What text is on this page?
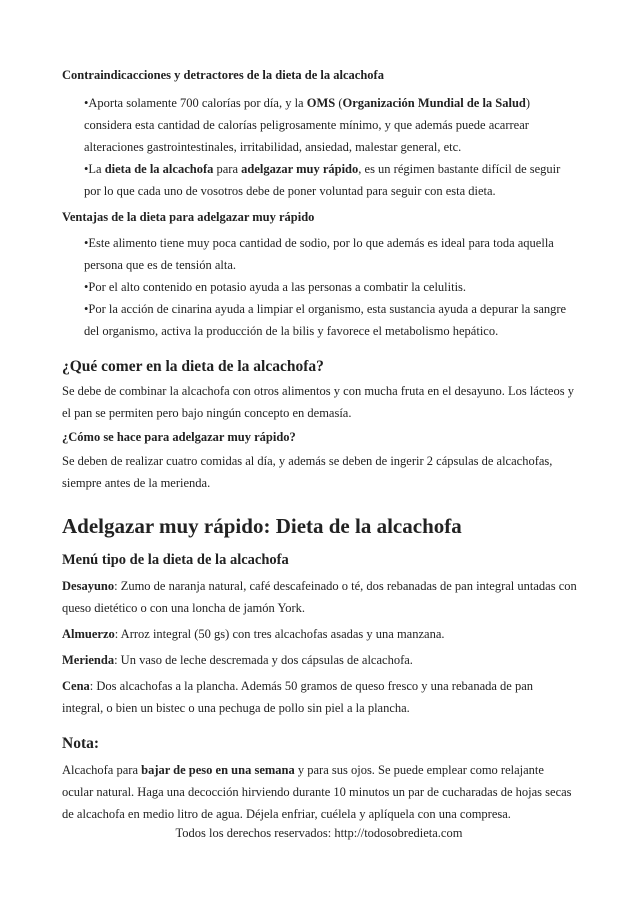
Contraindicacciones y detractores de la dieta de la alcachofa

•Aporta solamente 700 calorías por día, y la OMS (Organización Mundial de la Salud) considera esta cantidad de calorías peligrosamente mínimo, y que además puede acarrear alteraciones gastrointestinales, irritabilidad, ansiedad, malestar general, etc.

•La dieta de la alcachofa para adelgazar muy rápido, es un régimen bastante difícil de seguir por lo que cada uno de vosotros debe de poner voluntad para seguir con esta dieta.

Ventajas de la dieta para adelgazar muy rápido

•Este alimento tiene muy poca cantidad de sodio, por lo que además es ideal para toda aquella persona que es de tensión alta.

•Por el alto contenido en potasio ayuda a las personas a combatir la celulitis.

•Por la acción de cinarina ayuda a limpiar el organismo, esta sustancia ayuda a depurar la sangre del organismo, activa la producción de la bilis y favorece el metabolismo hepático.

¿Qué comer en la dieta de la alcachofa?

Se debe de combinar la alcachofa con otros alimentos y con mucha fruta en el desayuno. Los lácteos y el pan se permiten pero bajo ningún concepto en demasía.

¿Cómo se hace para adelgazar muy rápido?

Se deben de realizar cuatro comidas al día, y además se deben de ingerir 2 cápsulas de alcachofas, siempre antes de la merienda.

Adelgazar muy rápido: Dieta de la alcachofa

Menú tipo de la dieta de la alcachofa

Desayuno: Zumo de naranja natural, café descafeinado o té, dos rebanadas de pan integral untadas con queso dietético o con una loncha de jamón York.

Almuerzo: Arroz integral (50 gs) con tres alcachofas asadas y una manzana.

Merienda: Un vaso de leche descremada y dos cápsulas de alcachofa.

Cena: Dos alcachofas a la plancha. Además 50 gramos de queso fresco y una rebanada de pan integral, o bien un bistec o una pechuga de pollo sin piel a la plancha.

Nota:

Alcachofa para bajar de peso en una semana y para sus ojos. Se puede emplear como relajante ocular natural. Haga una decocción hirviendo durante 10 minutos un par de cucharadas de hojas secas de alcachofa en medio litro de agua. Déjela enfriar, cuélela y aplíquela con una compresa.

Todos los derechos reservados: http://todosobredieta.com
